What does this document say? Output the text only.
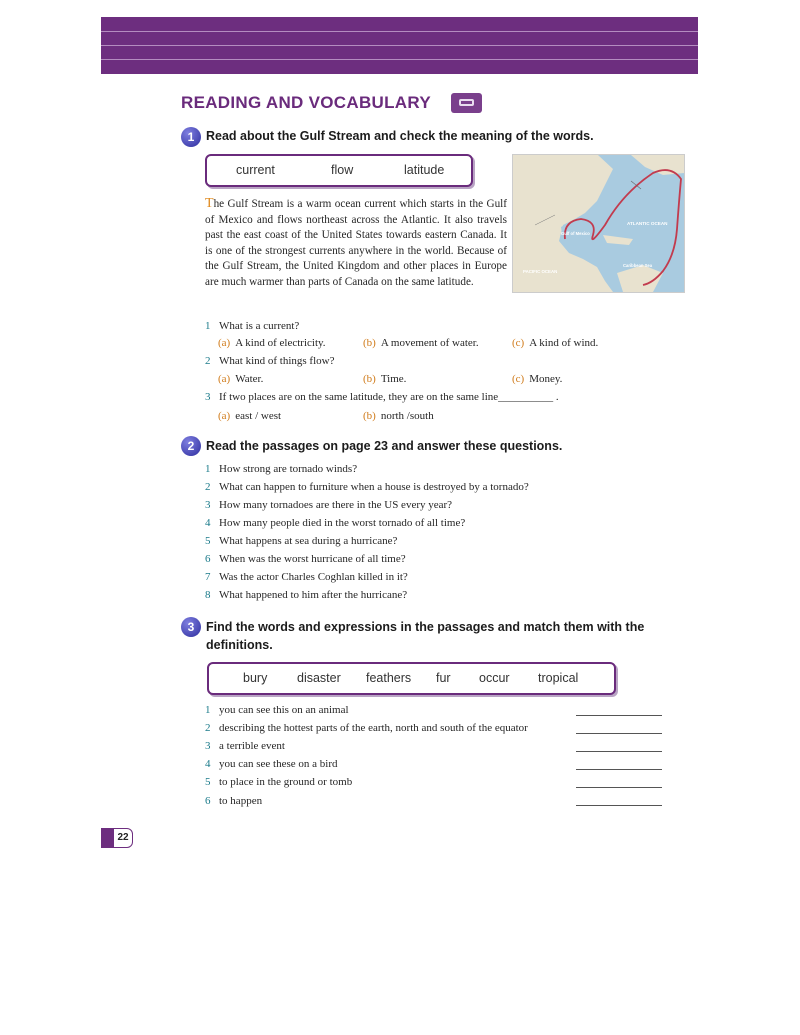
READING AND VOCABULARY
1 Read about the Gulf Stream and check the meaning of the words.
current	flow	latitude
The Gulf Stream is a warm ocean current which starts in the Gulf of Mexico and flows northeast across the Atlantic. It also travels past the east coast of the United States towards eastern Canada. It is one of the strongest currents anywhere in the world. Because of the Gulf Stream, the United Kingdom and other places in Europe are much warmer than parts of Canada on the same latitude.
ATLANTIC OCEAN
Gulf of Mexico
PACIFIC OCEAN
Caribbean Sea
1 What is a current?
(a) A kind of electricity.	(b) A movement of water.	(c) A kind of wind.
2 What kind of things flow?
(a) Water.	(b) Time.	(c) Money.
3 If two places are on the same latitude, they are on the same line__________ .
(a) east / west	(b) north /south
2 Read the passages on page 23 and answer these questions.
1 How strong are tornado winds?
2 What can happen to furniture when a house is destroyed by a tornado?
3 How many tornadoes are there in the US every year?
4 How many people died in the worst tornado of all time?
5 What happens at sea during a hurricane?
6 When was the worst hurricane of all time?
7 Was the actor Charles Coghlan killed in it?
8 What happened to him after the hurricane?
3 Find the words and expressions in the passages and match them with the
definitions.
bury disaster feathers fur occur tropical
1 you can see this on an animal
2 describing the hottest parts of the earth, north and south of the equator
3 a terrible event
4 you can see these on a bird
5 to place in the ground or tomb
6 to happen
22
